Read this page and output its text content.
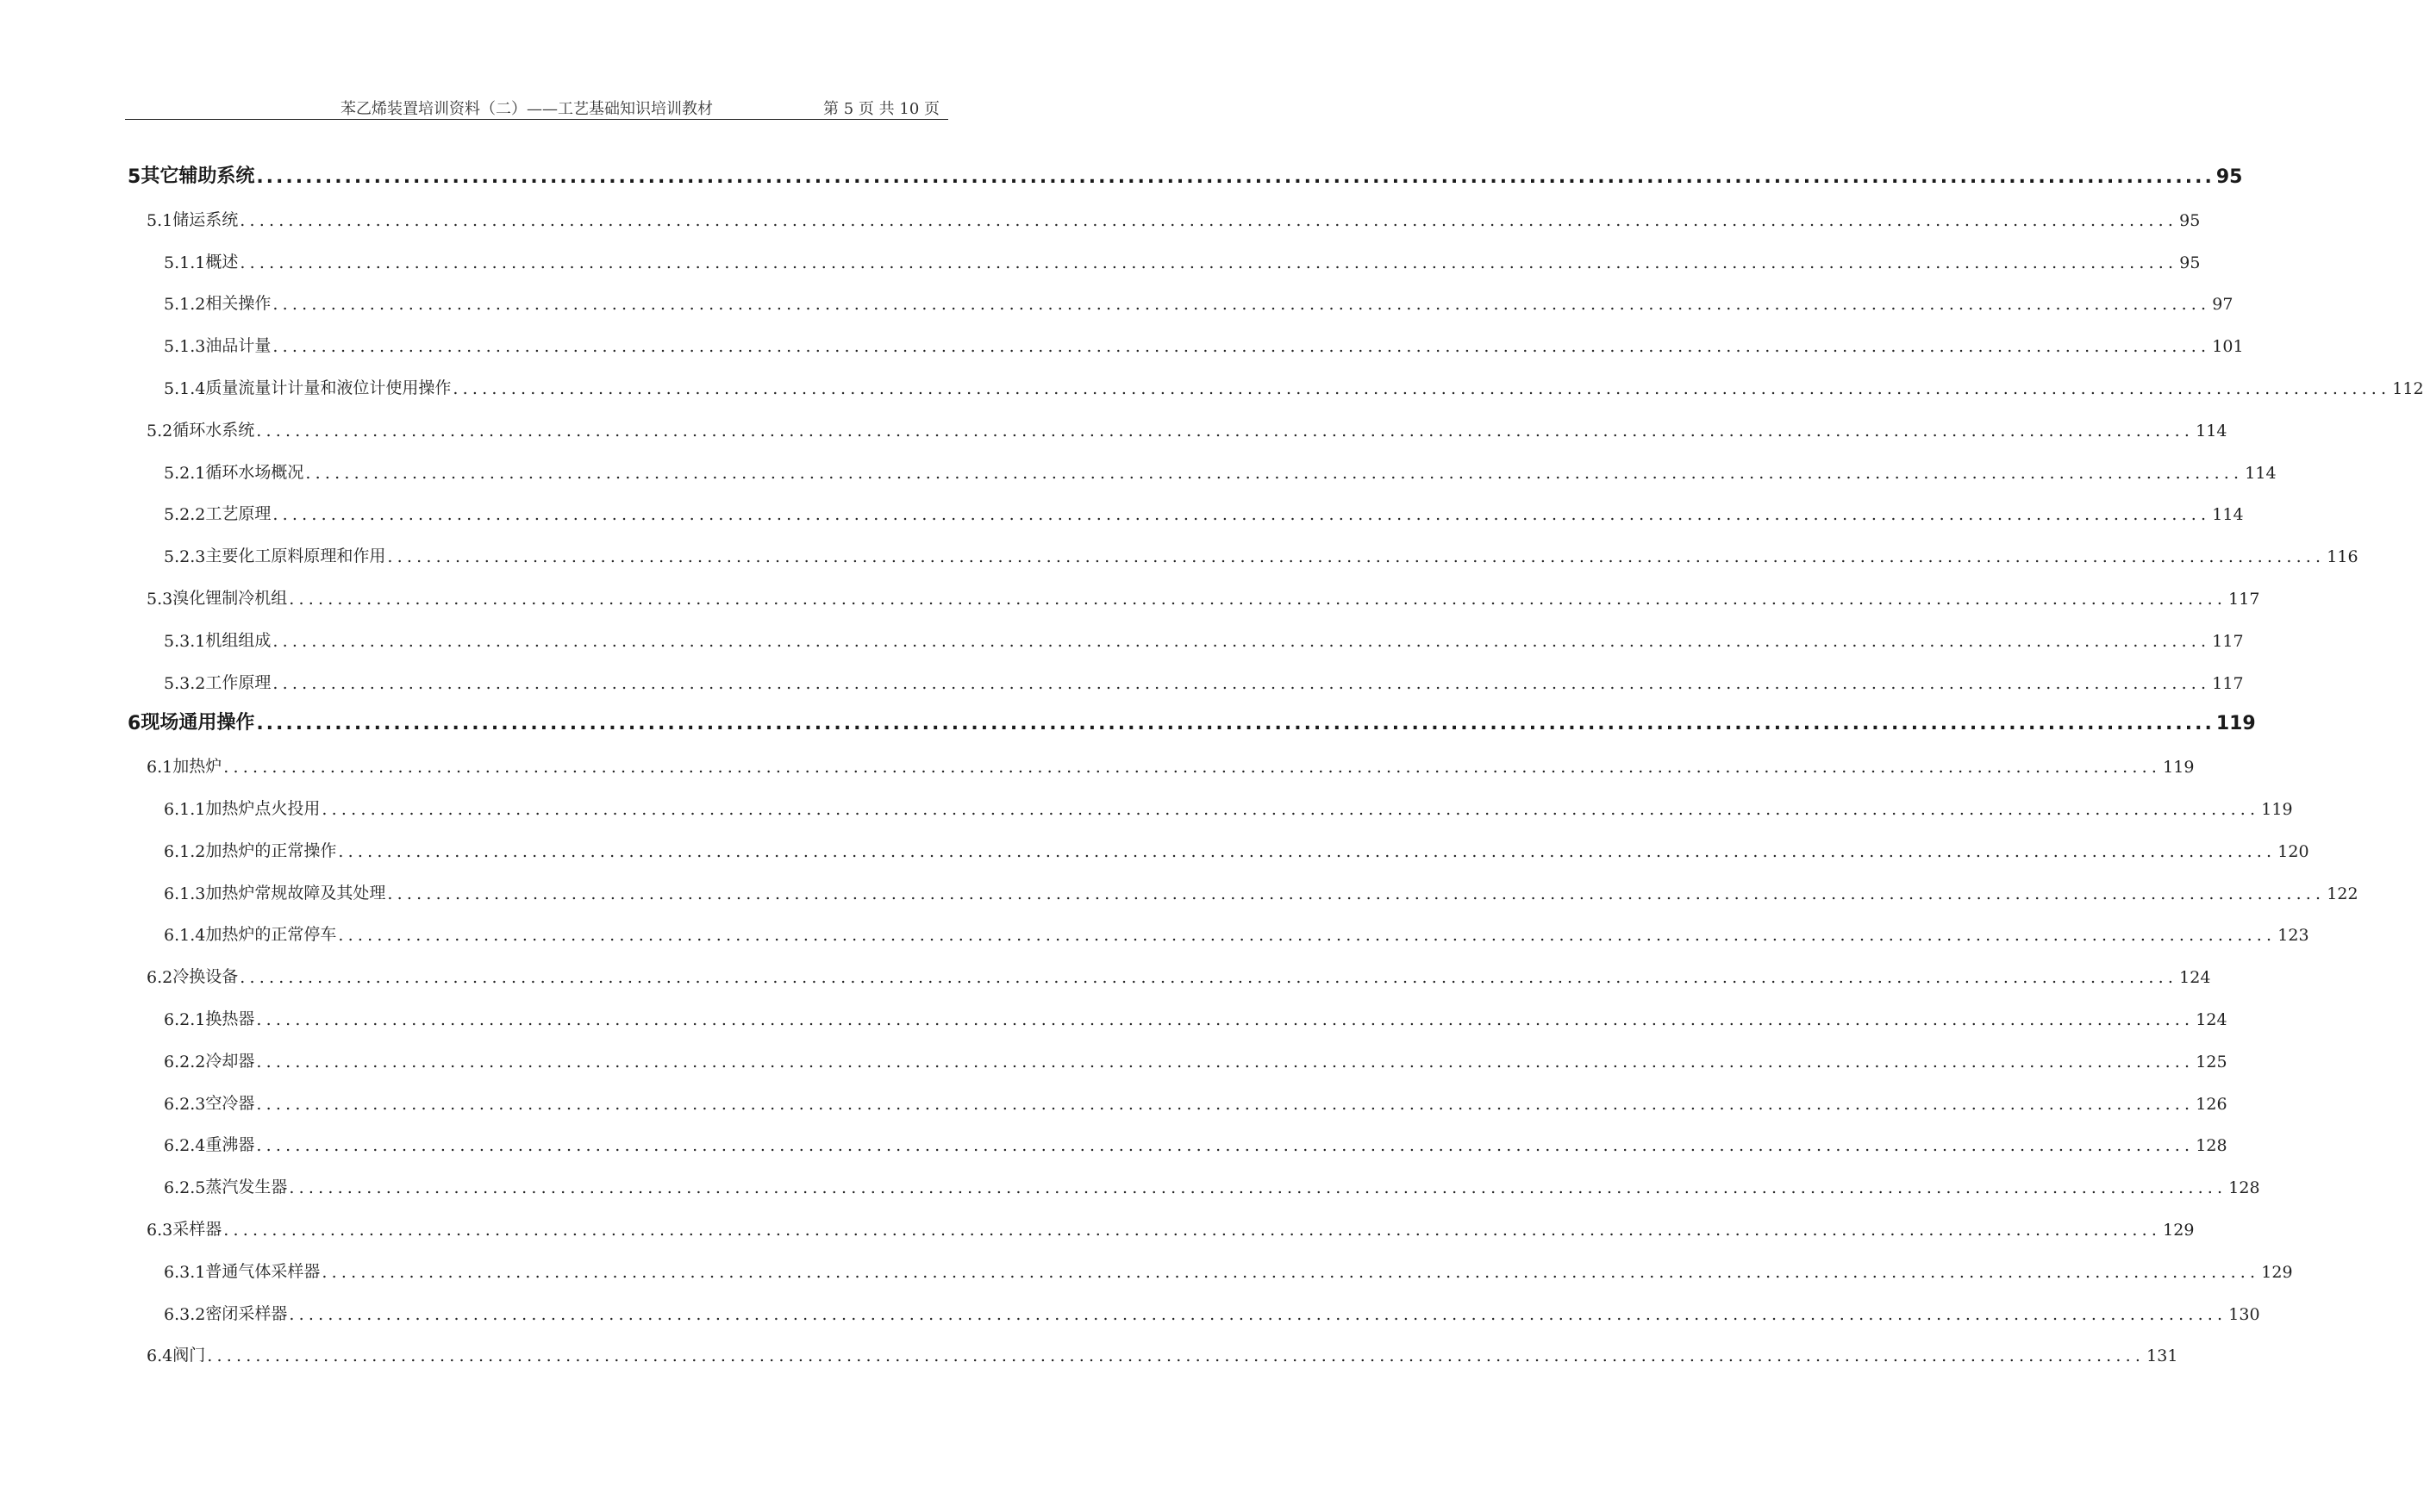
苯乙烯装置培训资料（二）——工艺基础知识培训教材	第 5 页 共 10 页
5 其它辅助系统 ........................................................................................................................................................................................................ 95
5.1 储运系统 ........................................................................................................................................................................................................ 95
5.1.1 概述 ........................................................................................................................................................................................................ 95
5.1.2 相关操作 ........................................................................................................................................................................................................ 97
5.1.3 油品计量 ........................................................................................................................................................................................................ 101
5.1.4 质量流量计计量和液位计使用操作 ........................................................................................................................................................................................................ 112
5.2 循环水系统 ........................................................................................................................................................................................................ 114
5.2.1 循环水场概况 ........................................................................................................................................................................................................ 114
5.2.2 工艺原理 ........................................................................................................................................................................................................ 114
5.2.3 主要化工原料原理和作用 ........................................................................................................................................................................................................ 116
5.3 溴化锂制冷机组 ........................................................................................................................................................................................................ 117
5.3.1 机组组成 ........................................................................................................................................................................................................ 117
5.3.2 工作原理 ........................................................................................................................................................................................................ 117
6 现场通用操作 ........................................................................................................................................................................................................ 119
6.1 加热炉 ........................................................................................................................................................................................................ 119
6.1.1 加热炉点火投用 ........................................................................................................................................................................................................ 119
6.1.2 加热炉的正常操作 ........................................................................................................................................................................................................ 120
6.1.3 加热炉常规故障及其处理 ........................................................................................................................................................................................................ 122
6.1.4 加热炉的正常停车 ........................................................................................................................................................................................................ 123
6.2 冷换设备 ........................................................................................................................................................................................................ 124
6.2.1 换热器 ........................................................................................................................................................................................................ 124
6.2.2 冷却器 ........................................................................................................................................................................................................ 125
6.2.3 空冷器 ........................................................................................................................................................................................................ 126
6.2.4 重沸器 ........................................................................................................................................................................................................ 128
6.2.5 蒸汽发生器 ........................................................................................................................................................................................................ 128
6.3 采样器 ........................................................................................................................................................................................................ 129
6.3.1 普通气体采样器 ........................................................................................................................................................................................................ 129
6.3.2 密闭采样器 ........................................................................................................................................................................................................ 130
6.4 阀门 ........................................................................................................................................................................................................ 131
